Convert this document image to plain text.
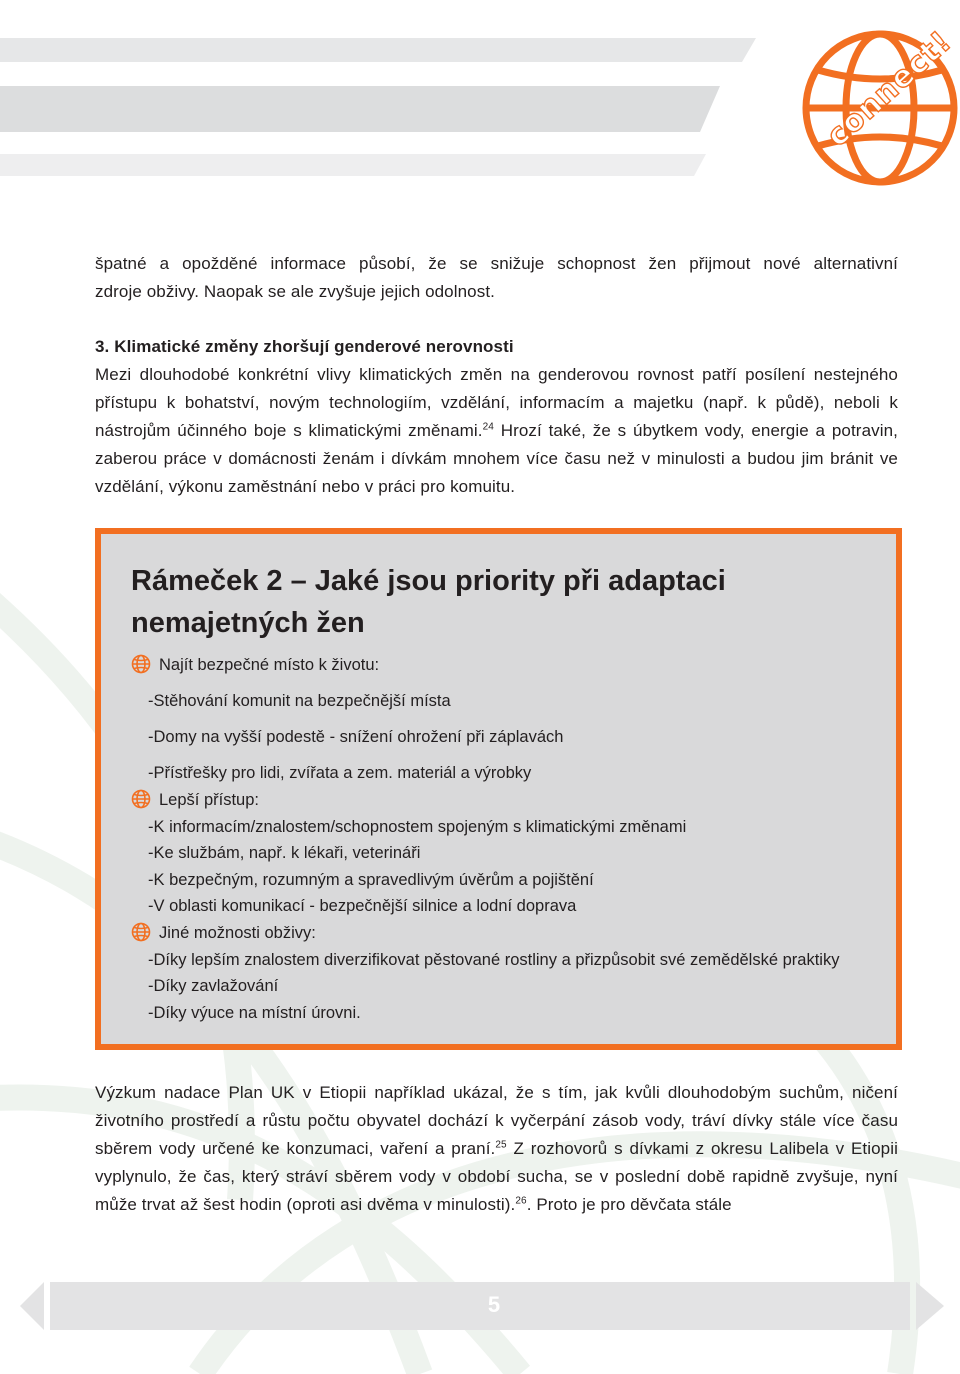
connect!

špatné a opožděné informace působí, že se snižuje schopnost žen přijmout nové alternativní

zdroje obživy. Naopak se ale zvyšuje jejich odolnost.

3. Klimatické změny zhoršují genderové nerovnosti

Mezi dlouhodobé konkrétní vlivy klimatických změn na genderovou rovnost patří posílení nestejného přístupu k bohatství, novým technologiím, vzdělání, informacím a majetku (např. k půdě), neboli k nástrojům účinného boje s klimatickými změnami.$^{24}$ Hrozí také, že s úbytkem vody, energie a potravin, zaberou práce v domácnosti ženám i dívkám mnohem více času než v minulosti a budou jim bránit ve vzdělání, výkonu zaměstnání nebo v práci pro komuitu.

Rámeček 2 – Jaké jsou priority při adaptaci nemajetných žen
Najít bezpečné místo k životu:
-Stěhování komunit na bezpečnější místa
-Domy na vyšší podestě - snížení ohrožení při záplavách
-Přístřešky pro lidi, zvířata a zem. materiál a výrobky
Lepší přístup:
-K informacím/znalostem/schopnostem spojeným s klimatickými změnami
-Ke službám, např. k lékaři, veterináři
-K bezpečným, rozumným a spravedlivým úvěrům a pojištění
-V oblasti komunikací - bezpečnější silnice a lodní doprava
Jiné možnosti obživy:
-Díky lepším znalostem diverzifikovat pěstované rostliny a přizpůsobit své zemědělské praktiky
-Díky zavlažování
-Díky výuce na místní úrovni.

Výzkum nadace Plan UK v Etiopii například ukázal, že s tím, jak kvůli dlouhodobým suchům, ničení životního prostředí a růstu počtu obyvatel dochází k vyčerpání zásob vody, tráví dívky stále více času sběrem vody určené ke konzumaci, vaření a praní.$^{25}$ Z rozhovorů s dívkami z okresu Lalibela v Etiopii vyplynulo, že čas, který stráví sběrem vody v období sucha, se v poslední době rapidně zvyšuje, nyní může trvat až šest hodin (oproti asi dvěma v minulosti).$^{26}$. Proto je pro děvčata stále

5
